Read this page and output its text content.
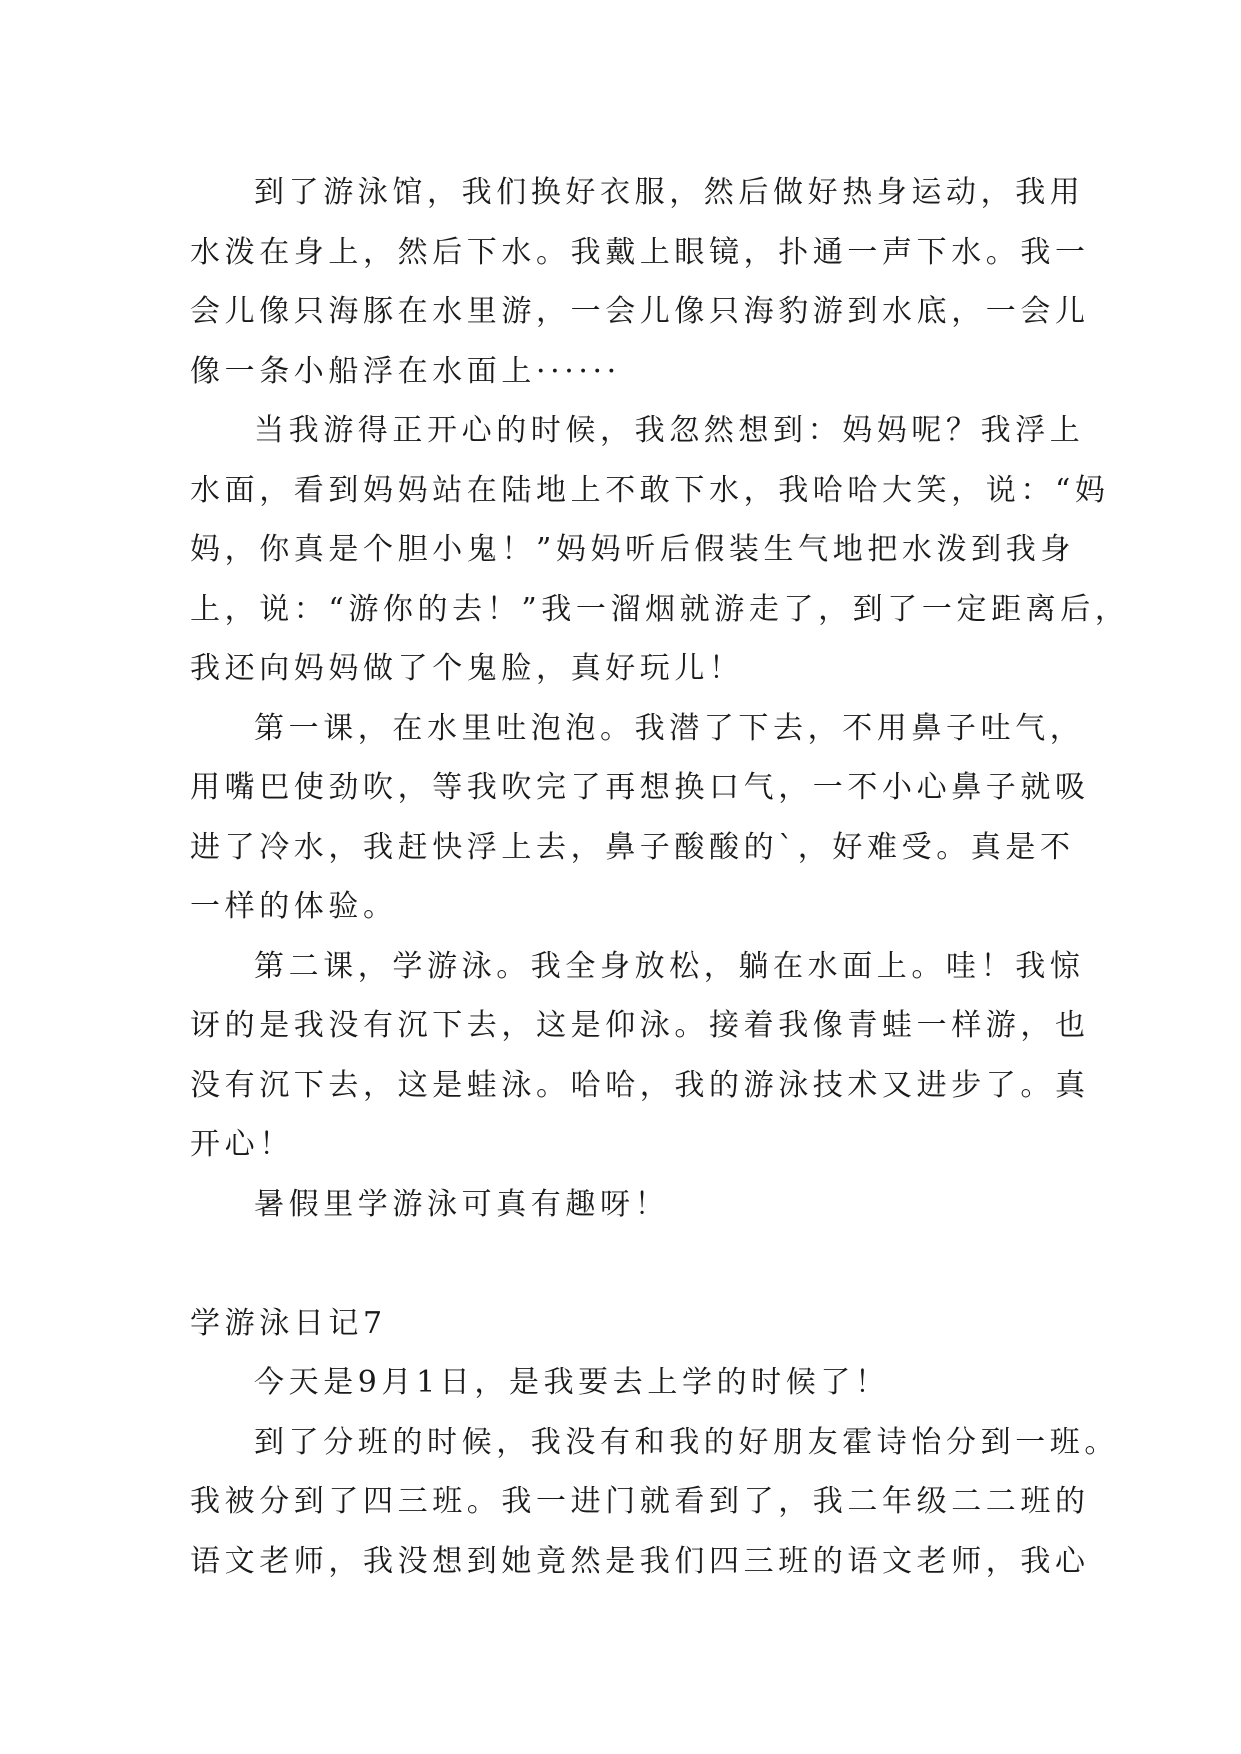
到了游泳馆，我们换好衣服，然后做好热身运动，我用
水泼在身上，然后下水。我戴上眼镜，扑通一声下水。我一
会儿像只海豚在水里游，一会儿像只海豹游到水底，一会儿
像一条小船浮在水面上······
当我游得正开心的时候，我忽然想到：妈妈呢？我浮上
水面，看到妈妈站在陆地上不敢下水，我哈哈大笑，说：“妈
妈，你真是个胆小鬼！”妈妈听后假装生气地把水泼到我身
上，说：“游你的去！”我一溜烟就游走了，到了一定距离后，
我还向妈妈做了个鬼脸，真好玩儿！
第一课，在水里吐泡泡。我潜了下去，不用鼻子吐气，
用嘴巴使劲吹，等我吹完了再想换口气，一不小心鼻子就吸
进了冷水，我赶快浮上去，鼻子酸酸的`，好难受。真是不
一样的体验。
第二课，学游泳。我全身放松，躺在水面上。哇！我惊
讶的是我没有沉下去，这是仰泳。接着我像青蛙一样游，也
没有沉下去，这是蛙泳。哈哈，我的游泳技术又进步了。真
开心！
暑假里学游泳可真有趣呀！
学游泳日记7
今天是9月1日，是我要去上学的时候了！
到了分班的时候，我没有和我的好朋友霍诗怡分到一班。
我被分到了四三班。我一进门就看到了，我二年级二二班的
语文老师，我没想到她竟然是我们四三班的语文老师，我心
